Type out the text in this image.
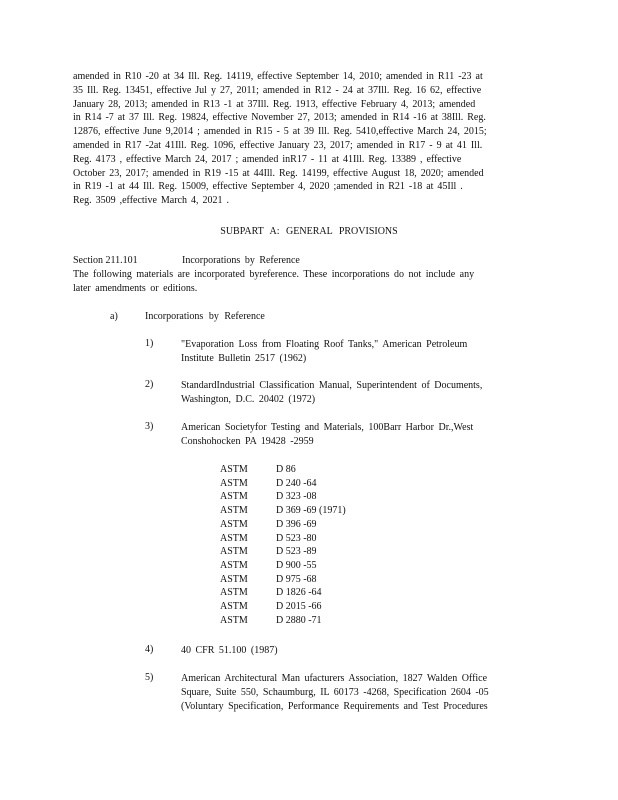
amended in R10 -20 at 34 Ill. Reg. 14119, effective September 14, 2010; amended in R11 -23 at
35 Ill. Reg. 13451, effective Jul y 27, 2011; amended in R12 - 24 at 37Ill. Reg. 16 62, effective
January 28, 2013; amended in R13 -1 at 37Ill. Reg. 1913, effective February 4, 2013; amended
in R14 -7 at 37 Ill. Reg. 19824, effective November 27, 2013; amended in R14 -16 at 38Ill. Reg.
12876, effective June 9,2014 ; amended in R15 - 5 at 39 Ill. Reg. 5410,effective March 24, 2015;
amended in R17 -2at 41Ill. Reg. 1096, effective January 23, 2017; amended in R17 - 9 at 41 Ill.
Reg. 4173 , effective March 24, 2017 ; amended inR17 - 11 at 41Ill. Reg. 13389 , effective
October 23, 2017; amended in R19 -15 at 44Ill. Reg. 14199, effective August 18, 2020; amended
in R19 -1 at 44 Ill. Reg. 15009, effective September 4, 2020 ;amended in R21 -18 at 45Ill .
Reg. 3509 ,effective March 4, 2021 .
SUBPART A: GENERAL PROVISIONS
Section 211.101	Incorporations by Reference
The following materials are incorporated byreference. These incorporations do not include any
later amendments or editions.
a)	Incorporations by Reference
1)	"Evaporation Loss from Floating Roof Tanks," American Petroleum
Institute Bulletin 2517 (1962)
2)	StandardIndustrial Classification Manual, Superintendent of Documents,
Washington, D.C. 20402 (1972)
3)	American Societyfor Testing and Materials, 100Barr Harbor Dr.,West
Conshohocken PA 19428 -2959
ASTM	D 86
ASTM	D 240 -64
ASTM	D 323 -08
ASTM	D 369 -69 (1971)
ASTM	D 396 -69
ASTM	D 523 -80
ASTM	D 523 -89
ASTM	D 900 -55
ASTM	D 975 -68
ASTM	D 1826 -64
ASTM	D 2015 -66
ASTM	D 2880 -71
4)	40 CFR 51.100 (1987)
5)	American Architectural Man ufacturers Association, 1827 Walden Office
Square, Suite 550, Schaumburg, IL 60173 -4268, Specification 2604 -05
(Voluntary Specification, Performance Requirements and Test Procedures
